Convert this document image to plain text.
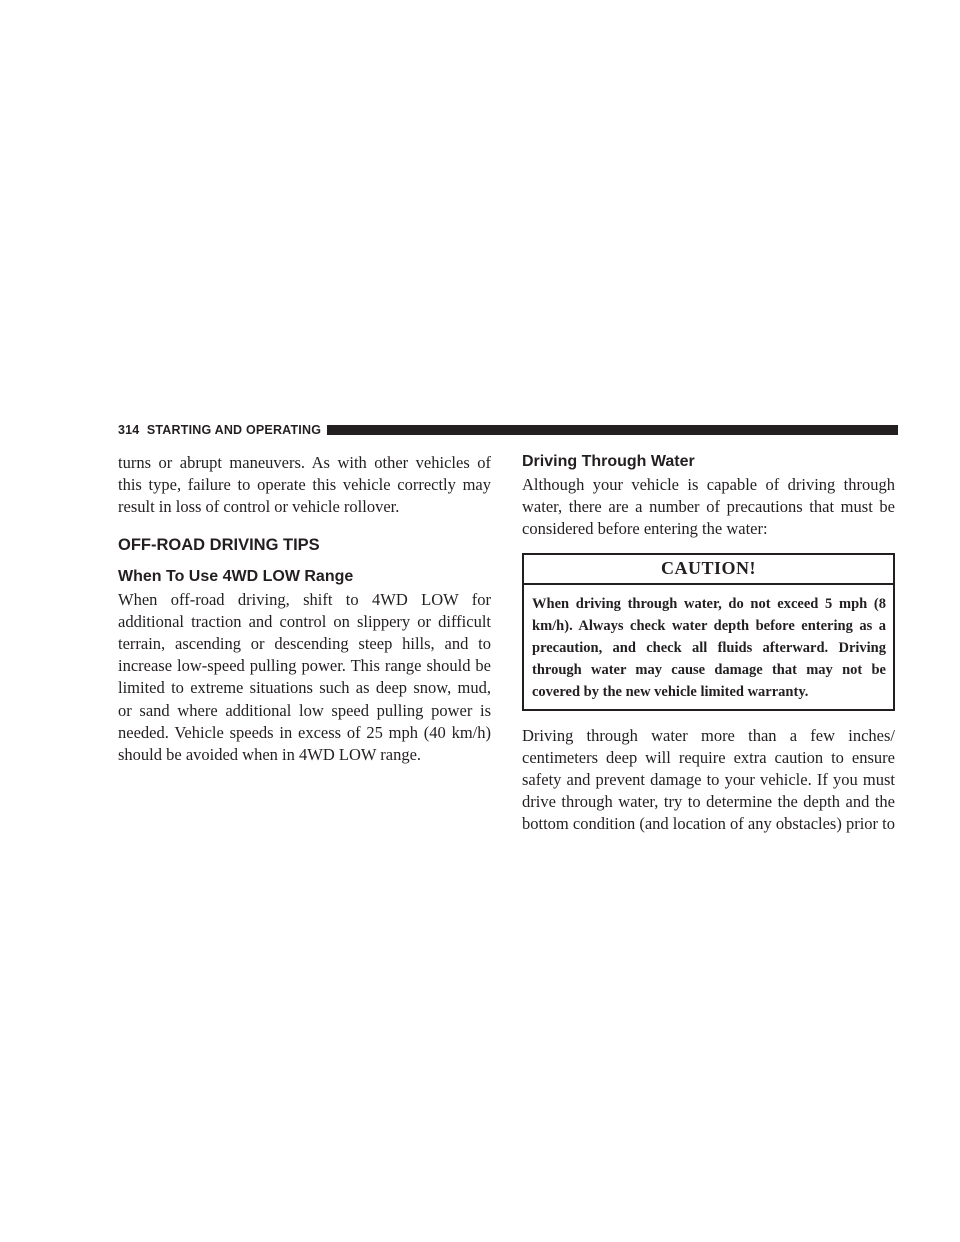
314 STARTING AND OPERATING

turns or abrupt maneuvers. As with other vehicles of this type, failure to operate this vehicle correctly may result in loss of control or vehicle rollover.

OFF-ROAD DRIVING TIPS
When To Use 4WD LOW Range

When off-road driving, shift to 4WD LOW for additional traction and control on slippery or difficult terrain, ascending or descending steep hills, and to increase low-speed pulling power. This range should be limited to extreme situations such as deep snow, mud, or sand where additional low speed pulling power is needed. Vehicle speeds in excess of 25 mph (40 km/h) should be avoided when in 4WD LOW range.

Driving Through Water

Although your vehicle is capable of driving through water, there are a number of precautions that must be considered before entering the water:

CAUTION!
When driving through water, do not exceed 5 mph (8 km/h). Always check water depth before entering as a precaution, and check all fluids afterward. Driving through water may cause damage that may not be covered by the new vehicle limited warranty.

Driving through water more than a few inches/ centimeters deep will require extra caution to ensure safety and prevent damage to your vehicle. If you must drive through water, try to determine the depth and the bottom condition (and location of any obstacles) prior to
